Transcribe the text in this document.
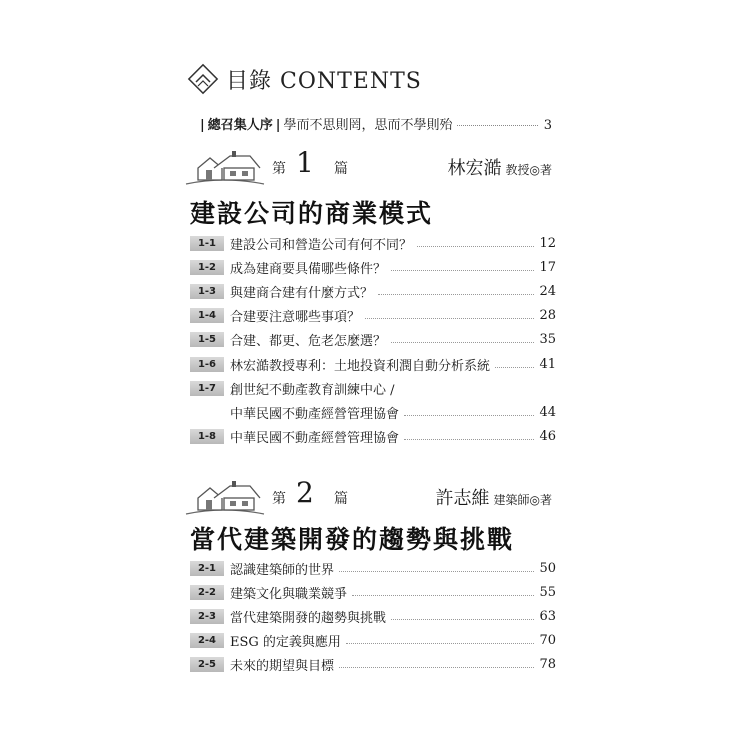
目錄 CONTENTS
| 總召集人序 | 學而不思則罔，思而不學則殆	3
第 1 篇	林宏澔 教授◎著
建設公司的商業模式
1-1	建設公司和營造公司有何不同？	12
1-2	成為建商要具備哪些條件？	17
1-3	與建商合建有什麼方式？	24
1-4	合建要注意哪些事項？	28
1-5	合建、都更、危老怎麼選？	35
1-6	林宏澔教授專利：土地投資利潤自動分析系統	41
1-7	創世紀不動產教育訓練中心 /
中華民國不動產經營管理協會	44
1-8	中華民國不動產經營管理協會	46
第 2 篇	許志維 建築師◎著
當代建築開發的趨勢與挑戰
2-1	認識建築師的世界	50
2-2	建築文化與職業競爭	55
2-3	當代建築開發的趨勢與挑戰	63
2-4	ESG 的定義與應用	70
2-5	未來的期望與目標	78
